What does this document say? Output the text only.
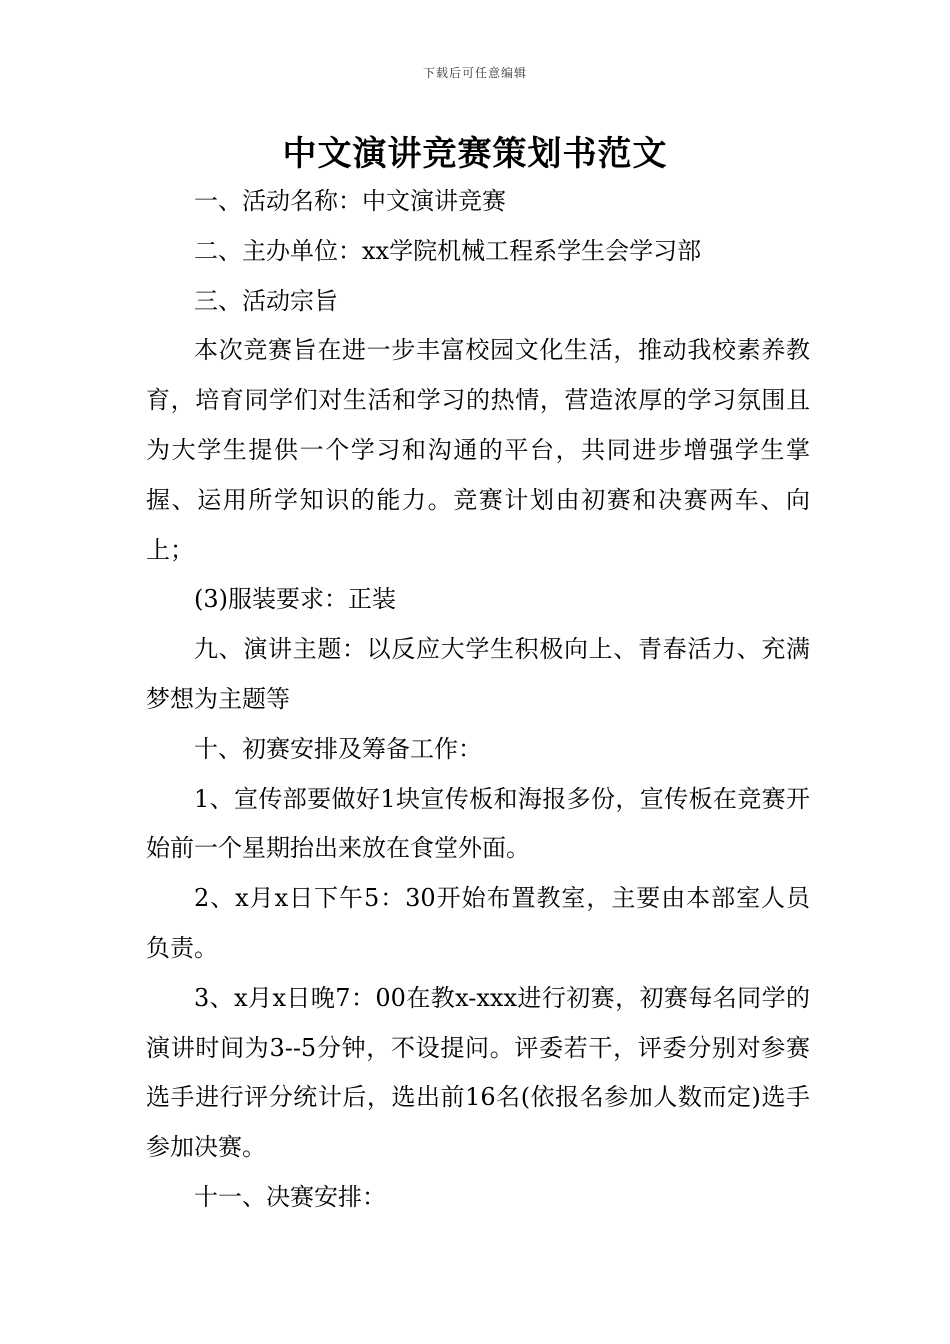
下载后可任意编辑
中文演讲竞赛策划书范文

一、活动名称：中文演讲竞赛

二、主办单位：xx学院机械工程系学生会学习部

三、活动宗旨

本次竞赛旨在进一步丰富校园文化生活，推动我校素养教育，培育同学们对生活和学习的热情，营造浓厚的学习氛围且为大学生提供一个学习和沟通的平台，共同进步增强学生掌握、运用所学知识的能力。竞赛计划由初赛和决赛两车、向上；

(3)服装要求：正装

九、演讲主题：以反应大学生积极向上、青春活力、充满梦想为主题等

十、初赛安排及筹备工作：

1、宣传部要做好1块宣传板和海报多份，宣传板在竞赛开始前一个星期抬出来放在食堂外面。

2、x月x日下午5：30开始布置教室，主要由本部室人员负责。

3、x月x日晚7：00在教x-xxx进行初赛，初赛每名同学的演讲时间为3--5分钟，不设提问。评委若干，评委分别对参赛选手进行评分统计后，选出前16名(依报名参加人数而定)选手参加决赛。

十一、决赛安排：
